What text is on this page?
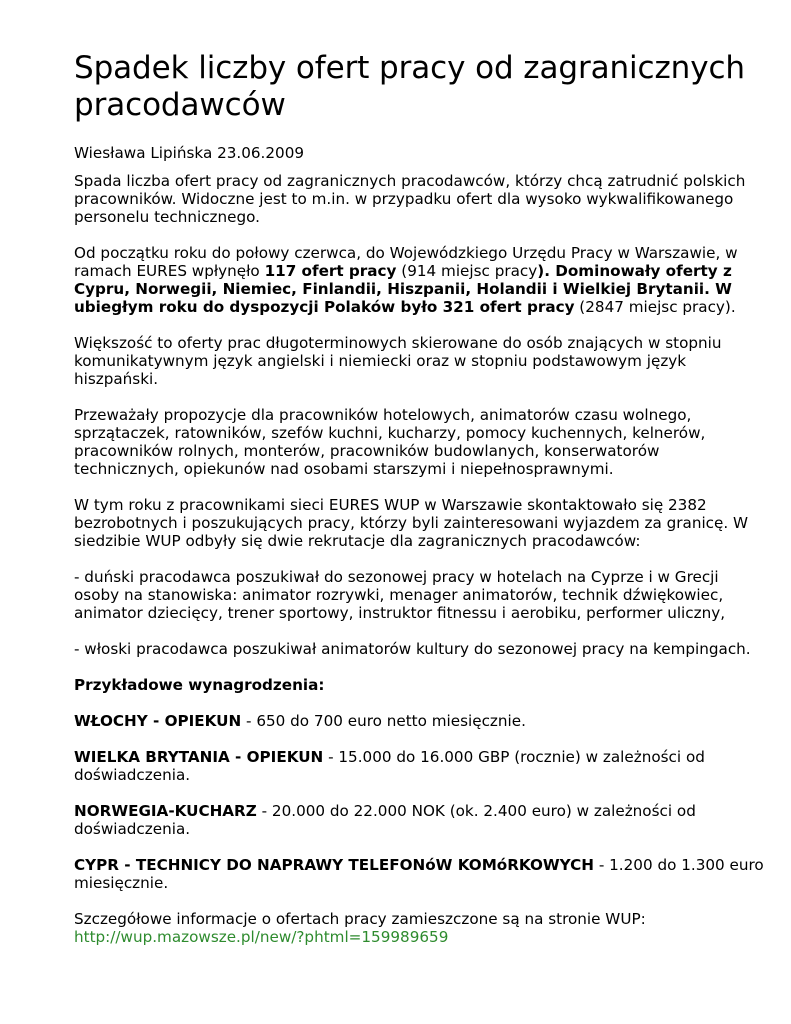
Spadek liczby ofert pracy od zagranicznych pracodawców

Wiesława Lipińska 23.06.2009

Spada liczba ofert pracy od zagranicznych pracodawców, którzy chcą zatrudnić polskich pracowników. Widoczne jest to m.in. w przypadku ofert dla wysoko wykwalifikowanego personelu technicznego.

Od początku roku do połowy czerwca, do Wojewódzkiego Urzędu Pracy w Warszawie, w ramach EURES wpłynęło 117 ofert pracy (914 miejsc pracy). Dominowały oferty z Cypru, Norwegii, Niemiec, Finlandii, Hiszpanii, Holandii i Wielkiej Brytanii. W ubiegłym roku do dyspozycji Polaków było 321 ofert pracy (2847 miejsc pracy).

Większość to oferty prac długoterminowych skierowane do osób znających w stopniu komunikatywnym język angielski i niemiecki oraz w stopniu podstawowym język hiszpański.

Przeważały propozycje dla pracowników hotelowych, animatorów czasu wolnego, sprzątaczek, ratowników, szefów kuchni, kucharzy, pomocy kuchennych, kelnerów, pracowników rolnych, monterów, pracowników budowlanych, konserwatorów technicznych, opiekunów nad osobami starszymi i niepełnosprawnymi.

W tym roku z pracownikami sieci EURES WUP w Warszawie skontaktowało się 2382 bezrobotnych i poszukujących pracy, którzy byli zainteresowani wyjazdem za granicę. W siedzibie WUP odbyły się dwie rekrutacje dla zagranicznych pracodawców:

- duński pracodawca poszukiwał do sezonowej pracy w hotelach na Cyprze i w Grecji osoby na stanowiska: animator rozrywki, menager animatorów, technik dźwiękowiec, animator dziecięcy, trener sportowy, instruktor fitnessu i aerobiku, performer uliczny,

- włoski pracodawca poszukiwał animatorów kultury do sezonowej pracy na kempingach.

Przykładowe wynagrodzenia:

WŁOCHY - OPIEKUN - 650 do 700 euro netto miesięcznie.

WIELKA BRYTANIA - OPIEKUN - 15.000 do 16.000 GBP (rocznie) w zależności od doświadczenia.

NORWEGIA-KUCHARZ - 20.000 do 22.000 NOK (ok. 2.400 euro) w zależności od doświadczenia.

CYPR - TECHNICY DO NAPRAWY TELEFONóW KOMóRKOWYCH - 1.200 do 1.300 euro miesięcznie.

Szczegółowe informacje o ofertach pracy zamieszczone są na stronie WUP:

http://wup.mazowsze.pl/new/?phtml=159989659
